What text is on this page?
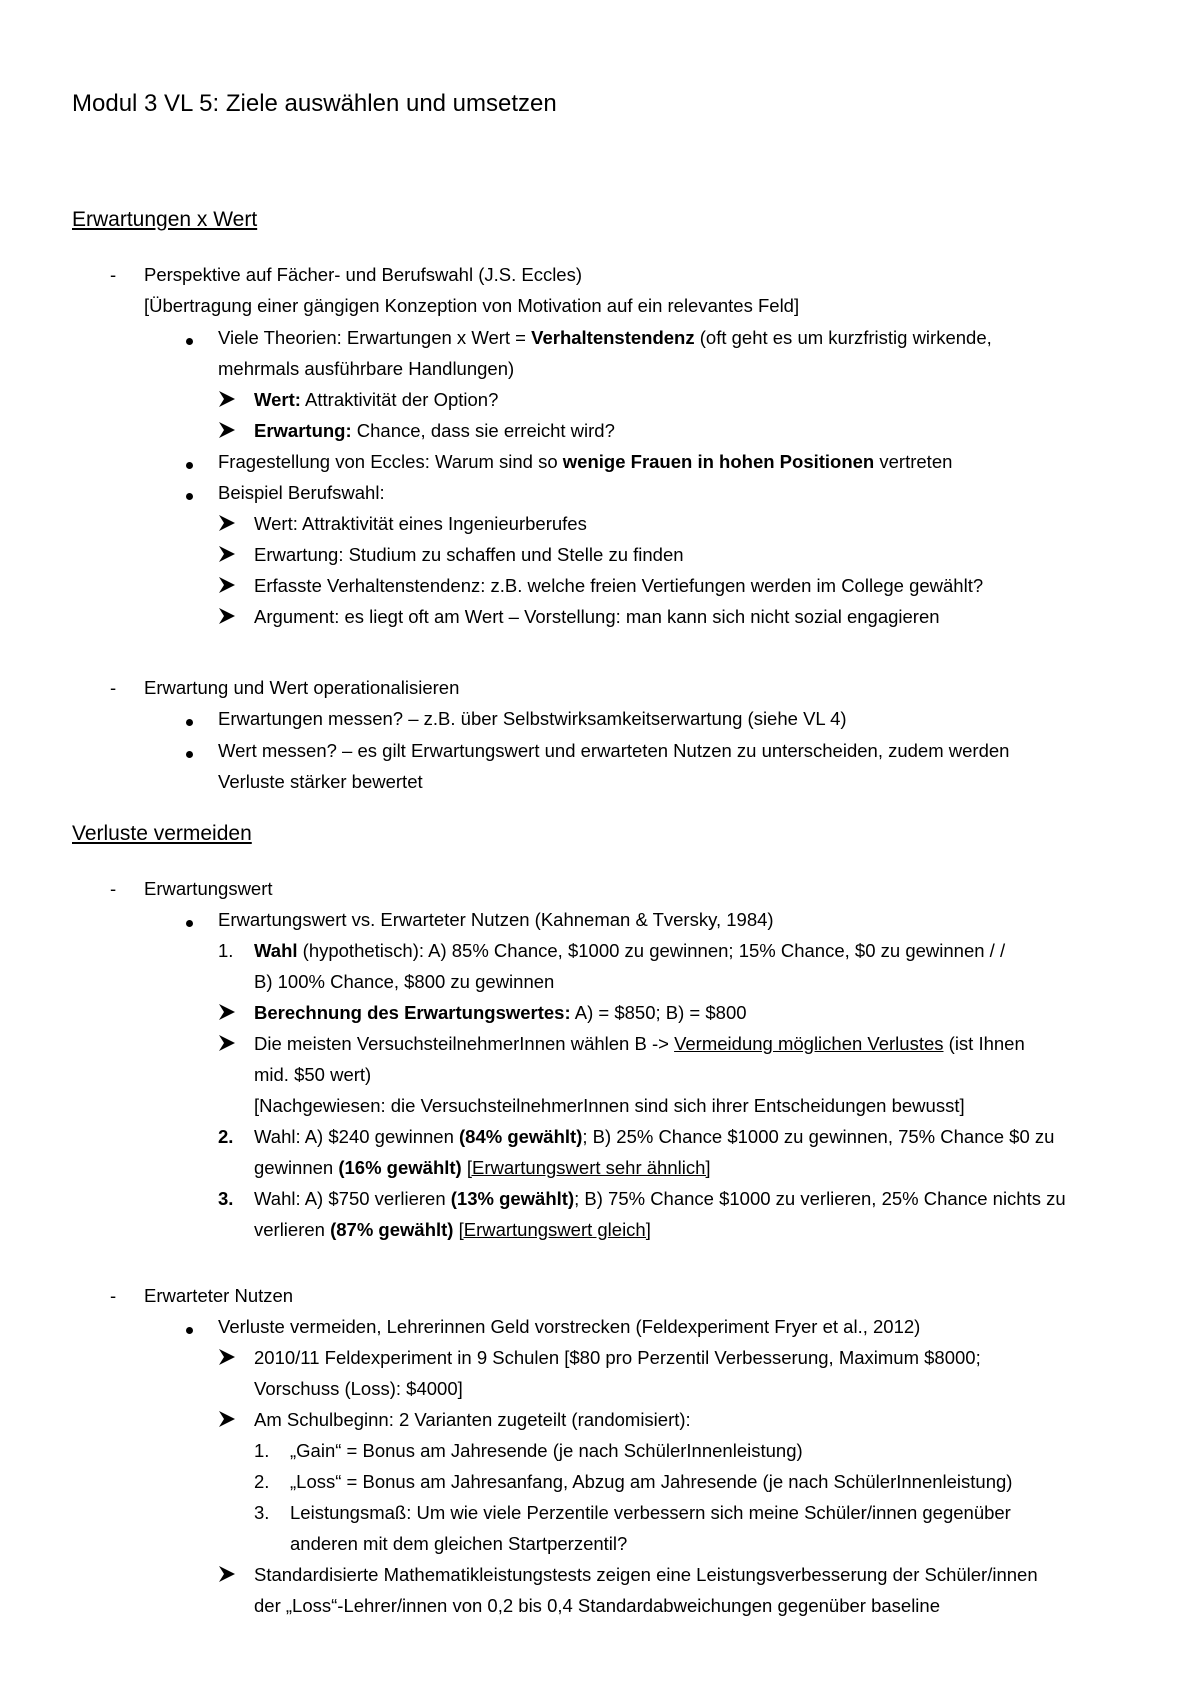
Modul 3 VL 5: Ziele auswählen und umsetzen
Erwartungen x Wert
- Perspektive auf Fächer- und Berufswahl (J.S. Eccles)
[Übertragung einer gängigen Konzeption von Motivation auf ein relevantes Feld]
Viele Theorien: Erwartungen x Wert = Verhaltenstendenz (oft geht es um kurzfristig wirkende,
mehrmals ausführbare Handlungen)
Wert: Attraktivität der Option?
Erwartung: Chance, dass sie erreicht wird?
Fragestellung von Eccles: Warum sind so wenige Frauen in hohen Positionen vertreten
Beispiel Berufswahl:
Wert: Attraktivität eines Ingenieurberufes
Erwartung: Studium zu schaffen und Stelle zu finden
Erfasste Verhaltenstendenz: z.B. welche freien Vertiefungen werden im College gewählt?
Argument: es liegt oft am Wert – Vorstellung: man kann sich nicht sozial engagieren
- Erwartung und Wert operationalisieren
Erwartungen messen? – z.B. über Selbstwirksamkeitserwartung (siehe VL 4)
Wert messen? – es gilt Erwartungswert und erwarteten Nutzen zu unterscheiden, zudem werden
Verluste stärker bewertet
Verluste vermeiden
- Erwartungswert
Erwartungswert vs. Erwarteter Nutzen (Kahneman & Tversky, 1984)
1. Wahl (hypothetisch): A) 85% Chance, $1000 zu gewinnen; 15% Chance, $0 zu gewinnen / /
B) 100% Chance, $800 zu gewinnen
Berechnung des Erwartungswertes: A) = $850; B) = $800
Die meisten VersuchsteilnehmerInnen wählen B -> Vermeidung möglichen Verlustes (ist Ihnen
mid. $50 wert)
[Nachgewiesen: die VersuchsteilnehmerInnen sind sich ihrer Entscheidungen bewusst]
2. Wahl: A) $240 gewinnen (84% gewählt); B) 25% Chance $1000 zu gewinnen, 75% Chance $0 zu
gewinnen (16% gewählt) [Erwartungswert sehr ähnlich]
3. Wahl: A) $750 verlieren (13% gewählt); B) 75% Chance $1000 zu verlieren, 25% Chance nichts zu
verlieren (87% gewählt) [Erwartungswert gleich]
- Erwarteter Nutzen
Verluste vermeiden, Lehrerinnen Geld vorstrecken (Feldexperiment Fryer et al., 2012)
2010/11 Feldexperiment in 9 Schulen [$80 pro Perzentil Verbesserung, Maximum $8000;
Vorschuss (Loss): $4000]
Am Schulbeginn: 2 Varianten zugeteilt (randomisiert):
1. „Gain“ = Bonus am Jahresende (je nach SchülerInnenleistung)
2. „Loss“ = Bonus am Jahresanfang, Abzug am Jahresende (je nach SchülerInnenleistung)
3. Leistungsmaß: Um wie viele Perzentile verbessern sich meine Schüler/innen gegenüber
anderen mit dem gleichen Startperzentil?
Standardisierte Mathematikleistungstests zeigen eine Leistungsverbesserung der Schüler/innen
der „Loss“-Lehrer/innen von 0,2 bis 0,4 Standardabweichungen gegenüber baseline
